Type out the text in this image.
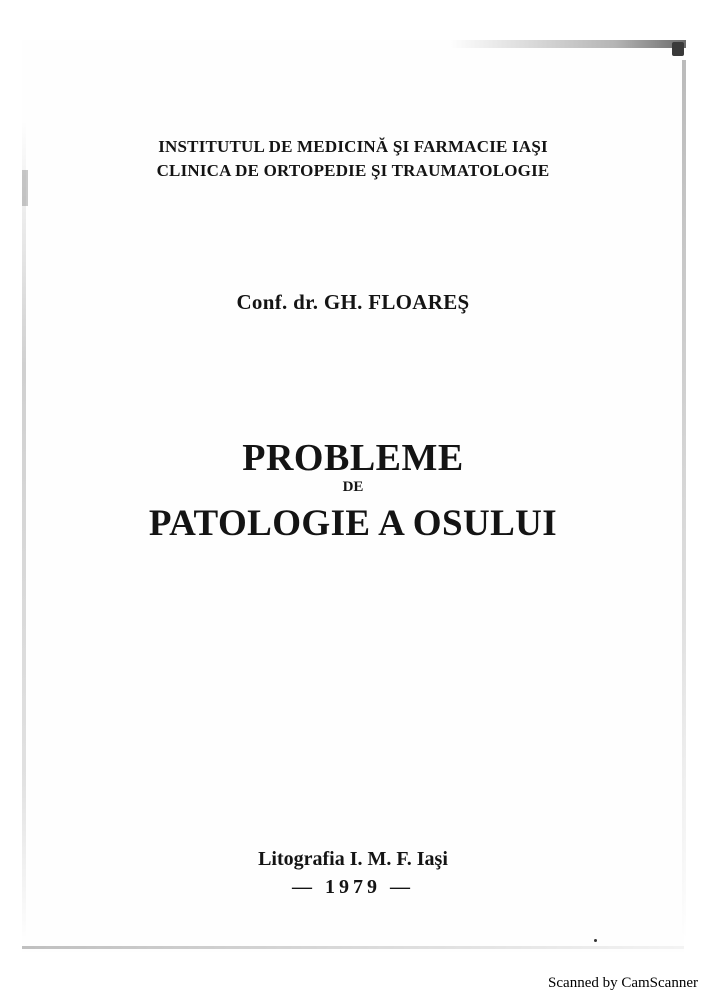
INSTITUTUL DE MEDICINĂ ŞI FARMACIE IAŞI
CLINICA DE ORTOPEDIE ŞI TRAUMATOLOGIE
Conf. dr. GH. FLOAREŞ
PROBLEME
DE
PATOLOGIE A OSULUI
Litografia I. M. F. Iaşi
— 1979 —
Scanned by CamScanner
